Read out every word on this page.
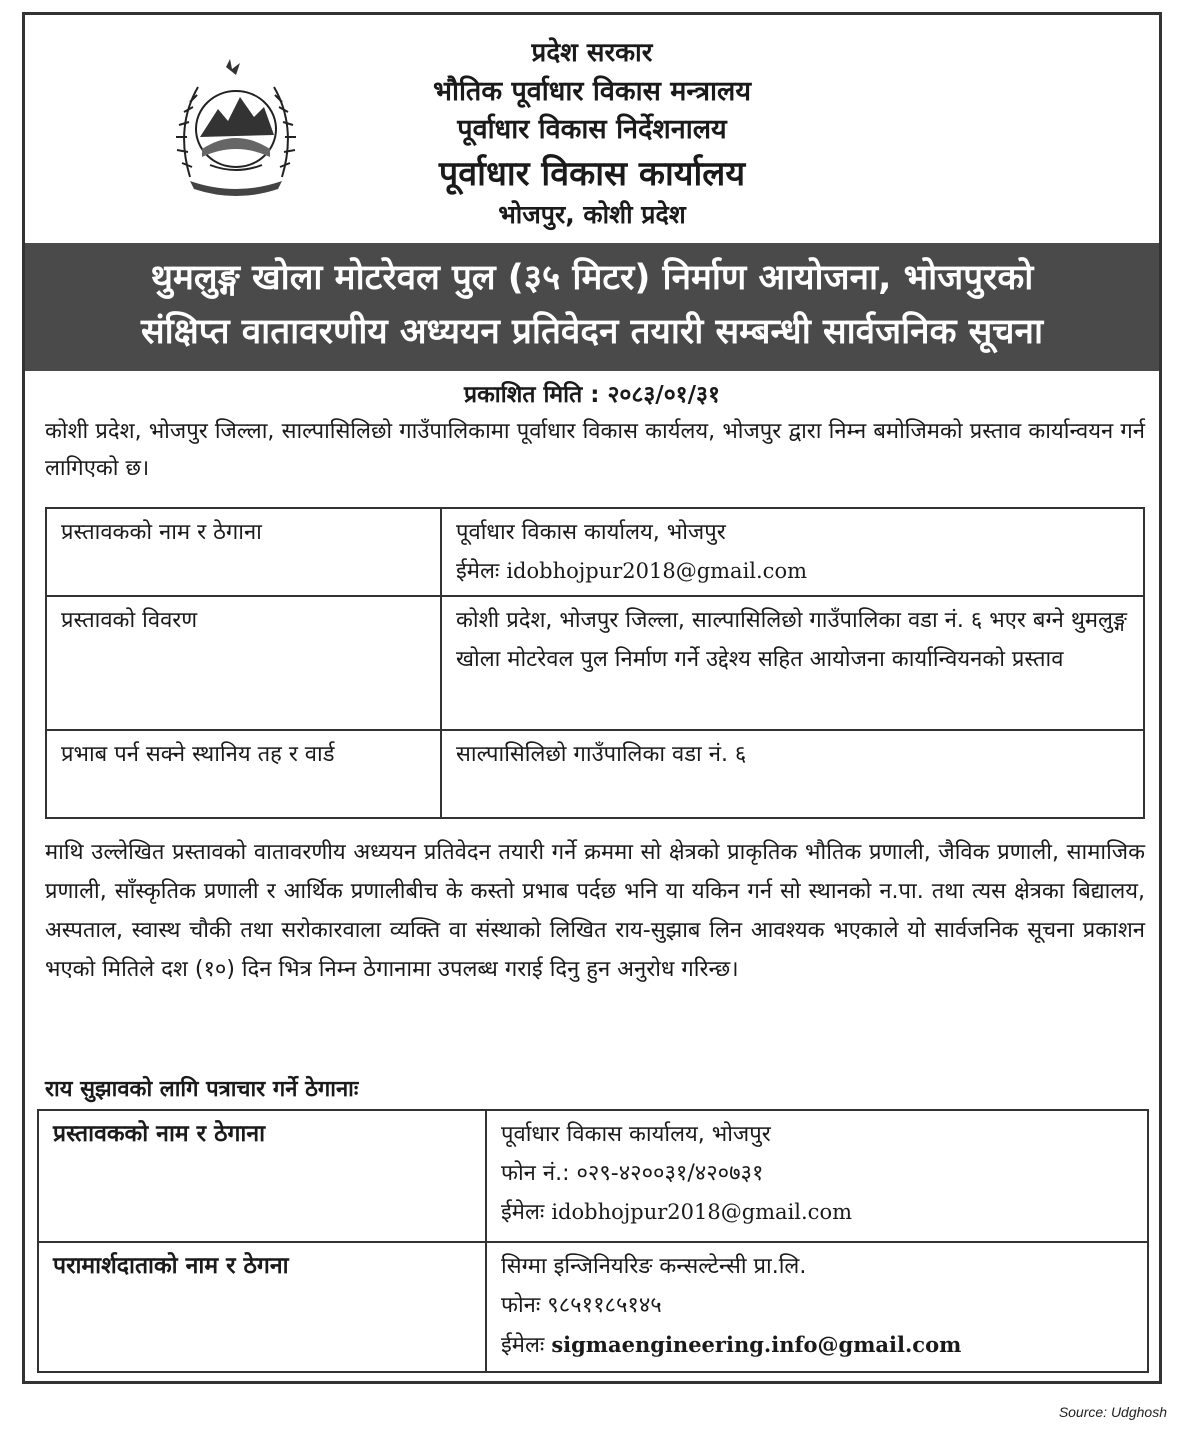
प्रदेश सरकार
भौतिक पूर्वाधार विकास मन्त्रालय
पूर्वाधार विकास निर्देशनालय
पूर्वाधार विकास कार्यालय
भोजपुर, कोशी प्रदेश
थुमलुङ्ग खोला मोटरेवल पुल (३५ मिटर) निर्माण आयोजना, भोजपुरको
संक्षिप्त वातावरणीय अध्ययन प्रतिवेदन तयारी सम्बन्धी सार्वजनिक सूचना
प्रकाशित मिति : २०८३/०१/३१
कोशी प्रदेश, भोजपुर जिल्ला, साल्पासिलिछो गाउँपालिकामा पूर्वाधार विकास कार्यलय, भोजपुर द्वारा निम्न बमोजिमको प्रस्ताव कार्यान्वयन गर्न लागिएको छ।
प्रस्तावकको नाम र ठेगाना	पूर्वाधार विकास कार्यालय, भोजपुर
ईमेलः idobhojpur2018@gmail.com

प्रस्तावको विवरण	कोशी प्रदेश, भोजपुर जिल्ला, साल्पासिलिछो गाउँपालिका वडा नं. ६ भएर बग्ने थुमलुङ्ग खोला मोटरेवल पुल निर्माण गर्ने उद्देश्य सहित आयोजना कार्यान्वियनको प्रस्ताव
प्रभाब पर्न सक्ने स्थानिय तह र वार्ड	साल्पासिलिछो गाउँपालिका वडा नं. ६
माथि उल्लेखित प्रस्तावको वातावरणीय अध्ययन प्रतिवेदन तयारी गर्ने क्रममा सो क्षेत्रको प्राकृतिक भौतिक प्रणाली, जैविक प्रणाली, सामाजिक प्रणाली, साँस्कृतिक प्रणाली र आर्थिक प्रणालीबीच के कस्तो प्रभाब पर्दछ भनि या यकिन गर्न सो स्थानको न.पा. तथा त्यस क्षेत्रका बिद्यालय, अस्पताल, स्वास्थ चौकी तथा सरोकारवाला व्यक्ति वा संस्थाको लिखित राय-सुझाब लिन आवश्यक भएकाले यो सार्वजनिक सूचना प्रकाशन भएको मितिले दश (१०) दिन भित्र निम्न ठेगानामा उपलब्ध गराई दिनु हुन अनुरोध गरिन्छ।
राय सुझावको लागि पत्राचार गर्ने ठेगानाः
प्रस्तावकको नाम र ठेगाना	पूर्वाधार विकास कार्यालय, भोजपुर
फोन नं.: ०२९-४२००३१/४२०७३१
ईमेलः idobhojpur2018@gmail.com

परामार्शदाताको नाम र ठेगना	सिग्मा इन्जिनियरिङ कन्सल्टेन्सी प्रा.लि.
फोनः ९८५११८५१४५
ईमेलः sigmaengineering.info@gmail.com
Source: Udghosh
